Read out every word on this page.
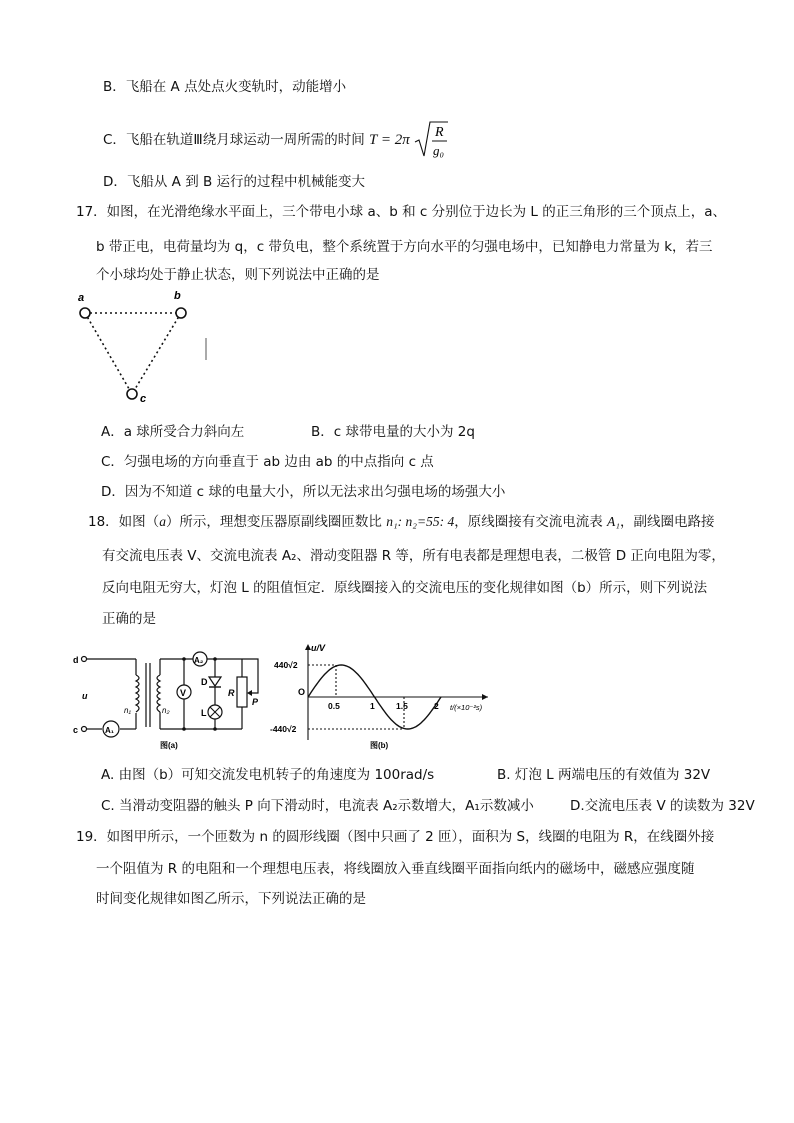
B．飞船在 A 点处点火变轨时，动能增小
C．飞船在轨道Ⅲ绕月球运动一周所需的时间 T = 2π R
g₀
D．飞船从 A 到 B 运行的过程中机械能变大
17．如图，在光滑绝缘水平面上，三个带电小球 a、b 和 c 分别位于边长为 L 的正三角形的三个顶点上，a、
b 带正电，电荷量均为 q，c 带负电，整个系统置于方向水平的匀强电场中，已知静电力常量为 k，若三
个小球均处于静止状态，则下列说法中正确的是
a	b
c
A．a 球所受合力斜向左	B．c 球带电量的大小为 2q
C．匀强电场的方向垂直于 ab 边由 ab 的中点指向 c 点
D．因为不知道 c 球的电量大小，所以无法求出匀强电场的场强大小
18．如图（a）所示，理想变压器原副线圈匝数比 n₁: n₂=55: 4，原线圈接有交流电流表 A₁，副线圈电路接
有交流电压表 V、交流电流表 A₂、滑动变阻器 R 等，所有电表都是理想电表，二极管 D 正向电阻为零，
反向电阻无穷大，灯泡 L 的阻值恒定．原线圈接入的交流电压的变化规律如图（b）所示，则下列说法
正确的是
A₁
A₂
V
D
L
R
P
d
c
u
n₁	n₂
图(a)
u/V
440√2
-440√2
O
0.5	1	1.5	2 t/(×10⁻²s)
图(b)
A. 由图（b）可知交流发电机转子的角速度为 100rad/s	B. 灯泡 L 两端电压的有效值为 32V
C. 当滑动变阻器的触头 P 向下滑动时，电流表 A₂示数增大，A₁示数减小	D.交流电压表 V 的读数为 32V
19．如图甲所示，一个匝数为 n 的圆形线圈（图中只画了 2 匝），面积为 S，线圈的电阻为 R，在线圈外接
一个阻值为 R 的电阻和一个理想电压表，将线圈放入垂直线圈平面指向纸内的磁场中，磁感应强度随
时间变化规律如图乙所示，下列说法正确的是
